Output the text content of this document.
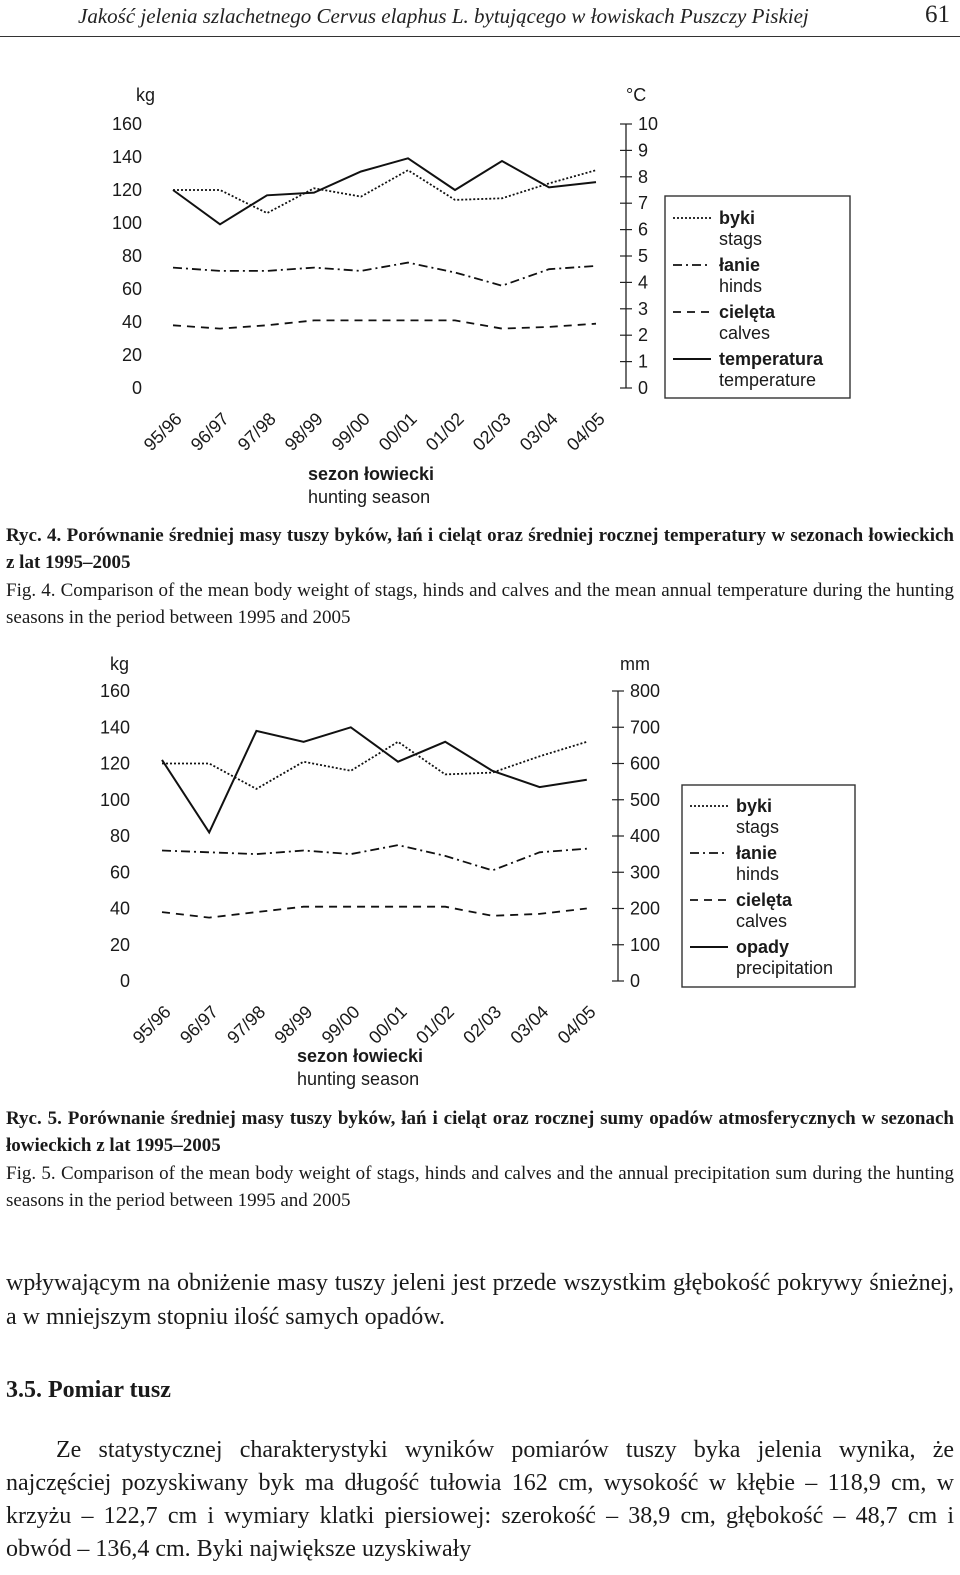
Jakość jelenia szlachetnego Cervus elaphus L. bytującego w łowiskach Puszczy Piskiej	61
kg
0
20
40
60
80
100
120
140
160
°C
0
1
2
3
4
5
6
7
8
9
10
95/96 96/97 97/98 98/99 99/00 00/01 01/02 02/03 03/04 04/05
sezon łowiecki
hunting season
byki
stags
łanie
hinds
cielęta
calves
temperatura
temperature
Ryc. 4. Porównanie średniej masy tuszy byków, łań i cieląt oraz średniej rocznej temperatury w sezonach łowieckich z lat 1995–2005
Fig. 4. Comparison of the mean body weight of stags, hinds and calves and the mean annual temperature during the hunting seasons in the period between 1995 and 2005
kg
0
20
40
60
80
100
120
140
160
mm
0
100
200
300
400
500
600
700
800
95/96 96/97 97/98 98/99 99/00 00/01 01/02 02/03 03/04 04/05
sezon łowiecki
hunting season
byki
stags
łanie
hinds
cielęta
calves
opady
precipitation
Ryc. 5. Porównanie średniej masy tuszy byków, łań i cieląt oraz rocznej sumy opadów atmosferycznych w sezonach łowieckich z lat 1995–2005
Fig. 5. Comparison of the mean body weight of stags, hinds and calves and the annual precipitation sum during the hunting seasons in the period between 1995 and 2005
wpływającym na obniżenie masy tuszy jeleni jest przede wszystkim głębokość pokrywy śnieżnej, a w mniejszym stopniu ilość samych opadów.
3.5. Pomiar tusz
Ze statystycznej charakterystyki wyników pomiarów tuszy byka jelenia wynika, że najczęściej pozyskiwany byk ma długość tułowia 162 cm, wysokość w kłębie – 118,9 cm, w krzyżu – 122,7 cm i wymiary klatki piersiowej: szerokość – 38,9 cm, głębokość – 48,7 cm i obwód – 136,4 cm. Byki największe uzyskiwały
